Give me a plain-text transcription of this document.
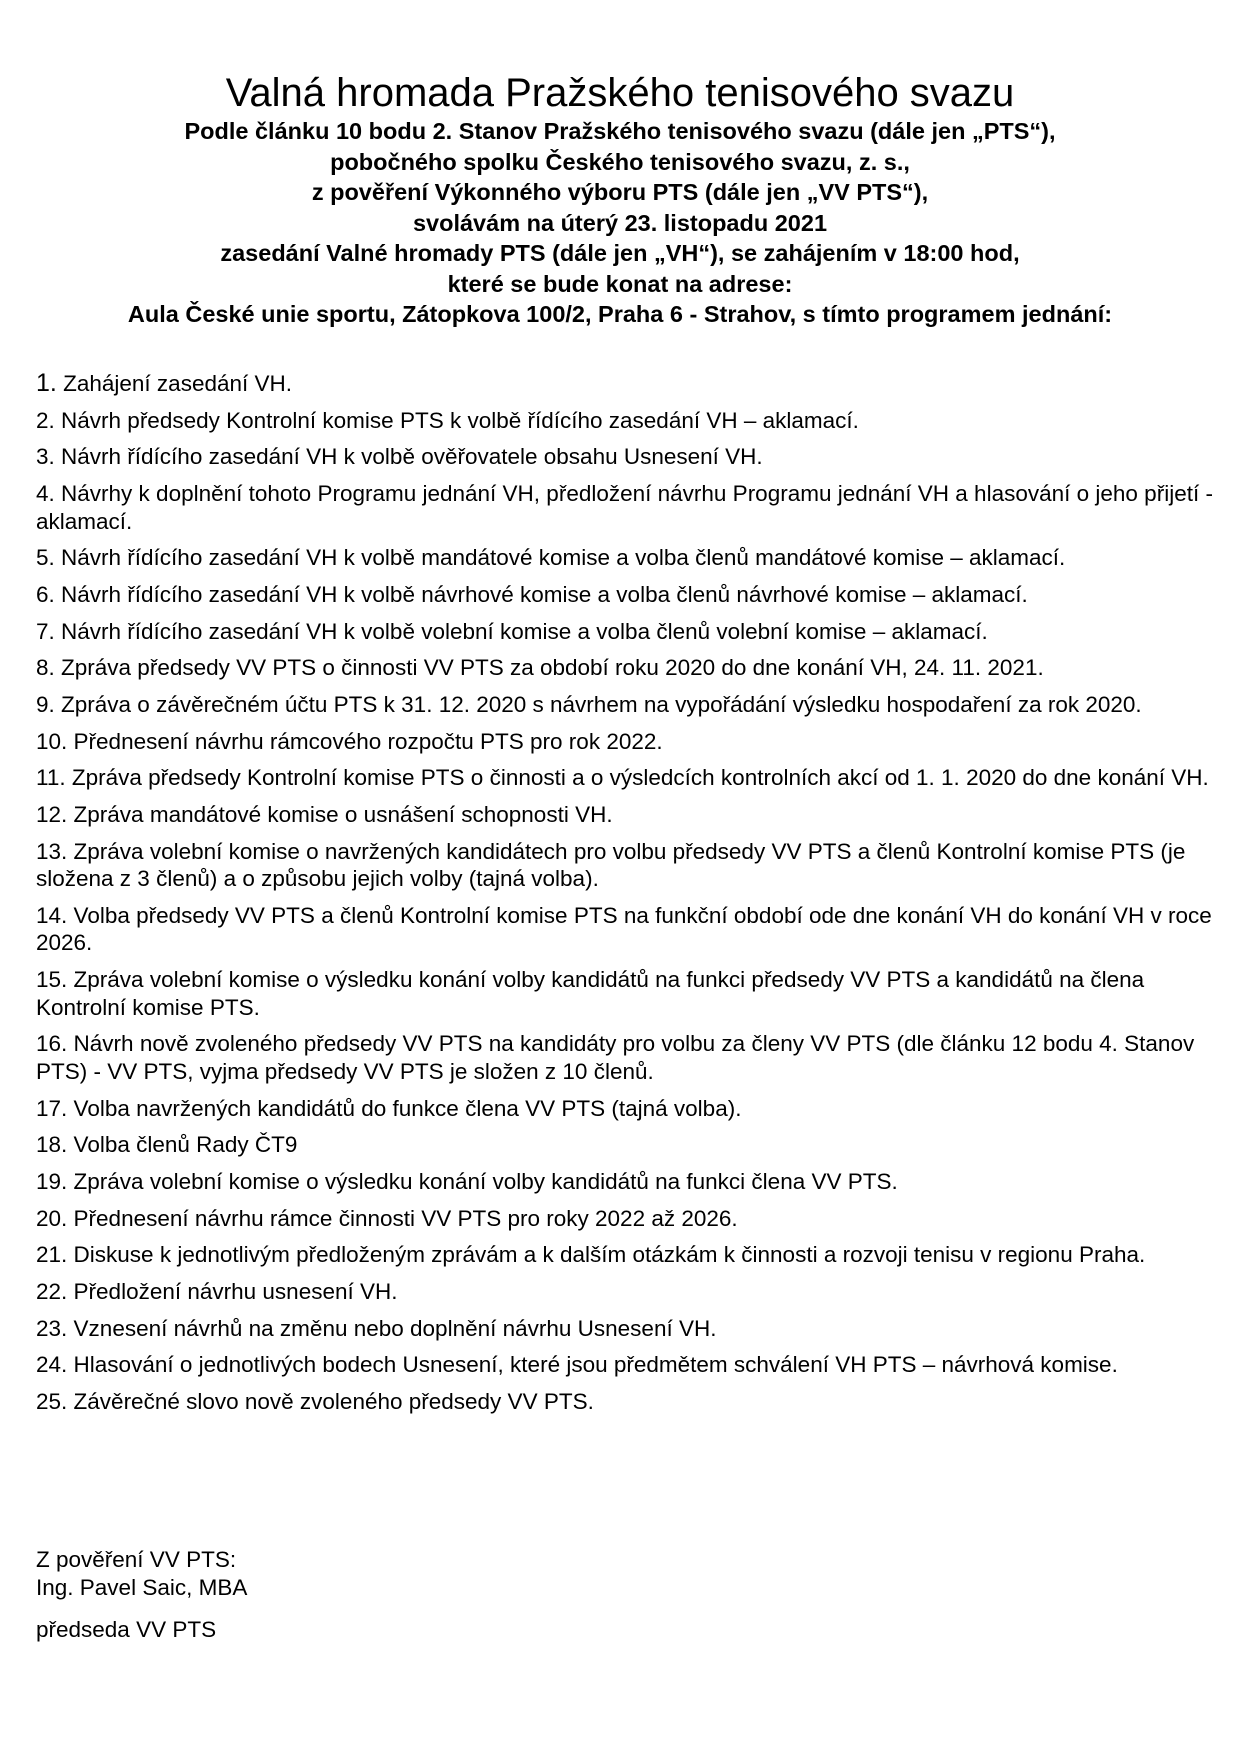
Valná hromada Pražského tenisového svazu

Podle článku 10 bodu 2. Stanov Pražského tenisového svazu (dále jen „PTS“),

pobočného spolku Českého tenisového svazu, z. s.,

z pověření Výkonného výboru PTS (dále jen „VV PTS“),

svolávám na úterý 23. listopadu 2021

zasedání Valné hromady PTS (dále jen „VH“), se zahájením v 18:00 hod,

které se bude konat na adrese:

Aula České unie sportu, Zátopkova 100/2, Praha 6 - Strahov, s tímto programem jednání:

1. Zahájení zasedání VH.
2. Návrh předsedy Kontrolní komise PTS k volbě řídícího zasedání VH – aklamací.
3. Návrh řídícího zasedání VH k volbě ověřovatele obsahu Usnesení VH.
4. Návrhy k doplnění tohoto Programu jednání VH, předložení návrhu Programu jednání VH a hlasování o jeho přijetí - aklamací.
5. Návrh řídícího zasedání VH k volbě mandátové komise a volba členů mandátové komise – aklamací.
6. Návrh řídícího zasedání VH k volbě návrhové komise a volba členů návrhové komise – aklamací.
7. Návrh řídícího zasedání VH k volbě volební komise a volba členů volební komise – aklamací.
8. Zpráva předsedy VV PTS o činnosti VV PTS za období roku 2020 do dne konání VH, 24. 11. 2021.
9. Zpráva o závěrečném účtu PTS k 31. 12. 2020 s návrhem na vypořádání výsledku hospodaření za rok 2020.
10. Přednesení návrhu rámcového rozpočtu PTS pro rok 2022.
11. Zpráva předsedy Kontrolní komise PTS o činnosti a o výsledcích kontrolních akcí od 1. 1. 2020 do dne konání VH.
12. Zpráva mandátové komise o usnášení schopnosti VH.
13. Zpráva volební komise o navržených kandidátech pro volbu předsedy VV PTS a členů Kontrolní komise PTS (je složena z 3 členů) a o způsobu jejich volby (tajná volba).
14. Volba předsedy VV PTS a členů Kontrolní komise PTS na funkční období ode dne konání VH do konání VH v roce 2026.
15. Zpráva volební komise o výsledku konání volby kandidátů na funkci předsedy VV PTS a kandidátů na člena Kontrolní komise PTS.
16. Návrh nově zvoleného předsedy VV PTS na kandidáty pro volbu za členy VV PTS (dle článku 12 bodu 4. Stanov PTS) - VV PTS, vyjma předsedy VV PTS je složen z 10 členů.
17. Volba navržených kandidátů do funkce člena VV PTS (tajná volba).
18. Volba členů Rady ČT9
19. Zpráva volební komise o výsledku konání volby kandidátů na funkci člena VV PTS.
20. Přednesení návrhu rámce činnosti VV PTS pro roky 2022 až 2026.
21. Diskuse k jednotlivým předloženým zprávám a k dalším otázkám k činnosti a rozvoji tenisu v regionu Praha.
22. Předložení návrhu usnesení VH.
23. Vznesení návrhů na změnu nebo doplnění návrhu Usnesení VH.
24. Hlasování o jednotlivých bodech Usnesení, které jsou předmětem schválení VH PTS – návrhová komise.
25. Závěrečné slovo nově zvoleného předsedy VV PTS.
Z pověření VV PTS:
Ing. Pavel Saic, MBA
předseda VV PTS
